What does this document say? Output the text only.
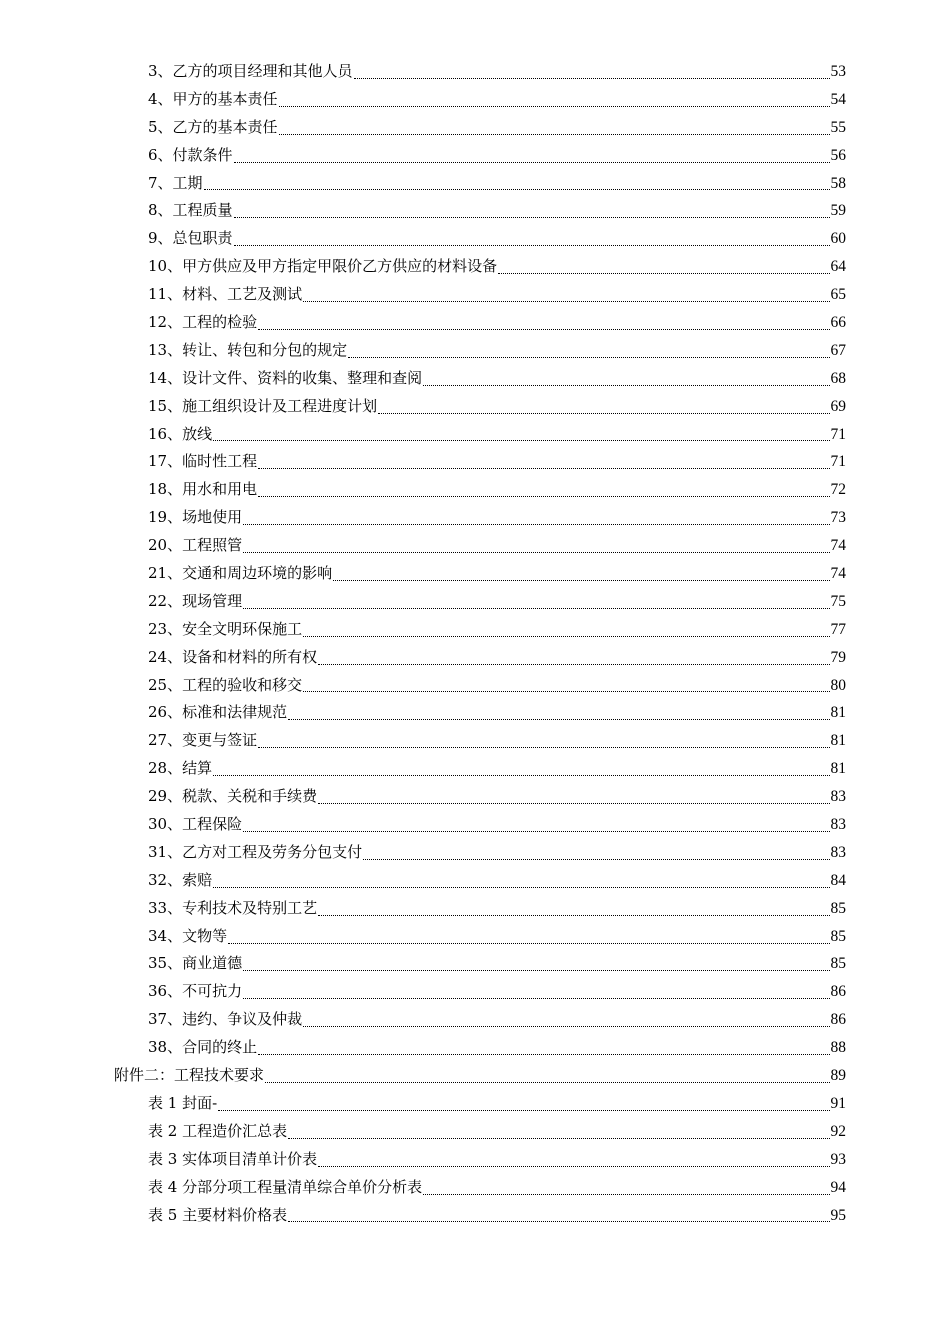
3、乙方的项目经理和其他人员	53
4、甲方的基本责任	54
5、乙方的基本责任	55
6、付款条件	56
7、工期	58
8、工程质量	59
9、总包职责	60
10、甲方供应及甲方指定甲限价乙方供应的材料设备	64
11、材料、工艺及测试	65
12、工程的检验	66
13、转让、转包和分包的规定	67
14、设计文件、资料的收集、整理和查阅	68
15、施工组织设计及工程进度计划	69
16、放线	71
17、临时性工程	71
18、用水和用电	72
19、场地使用	73
20、工程照管	74
21、交通和周边环境的影响	74
22、现场管理	75
23、安全文明环保施工	77
24、设备和材料的所有权	79
25、工程的验收和移交	80
26、标准和法律规范	81
27、变更与签证	81
28、结算	81
29、税款、关税和手续费	83
30、工程保险	83
31、乙方对工程及劳务分包支付	83
32、索赔	84
33、专利技术及特别工艺	85
34、文物等	85
35、商业道德	85
36、不可抗力	86
37、违约、争议及仲裁	86
38、合同的终止	88
附件二：工程技术要求	89
表 1 封面-	91
表 2 工程造价汇总表	92
表 3 实体项目清单计价表	93
表 4 分部分项工程量清单综合单价分析表	94
表 5 主要材料价格表	95
